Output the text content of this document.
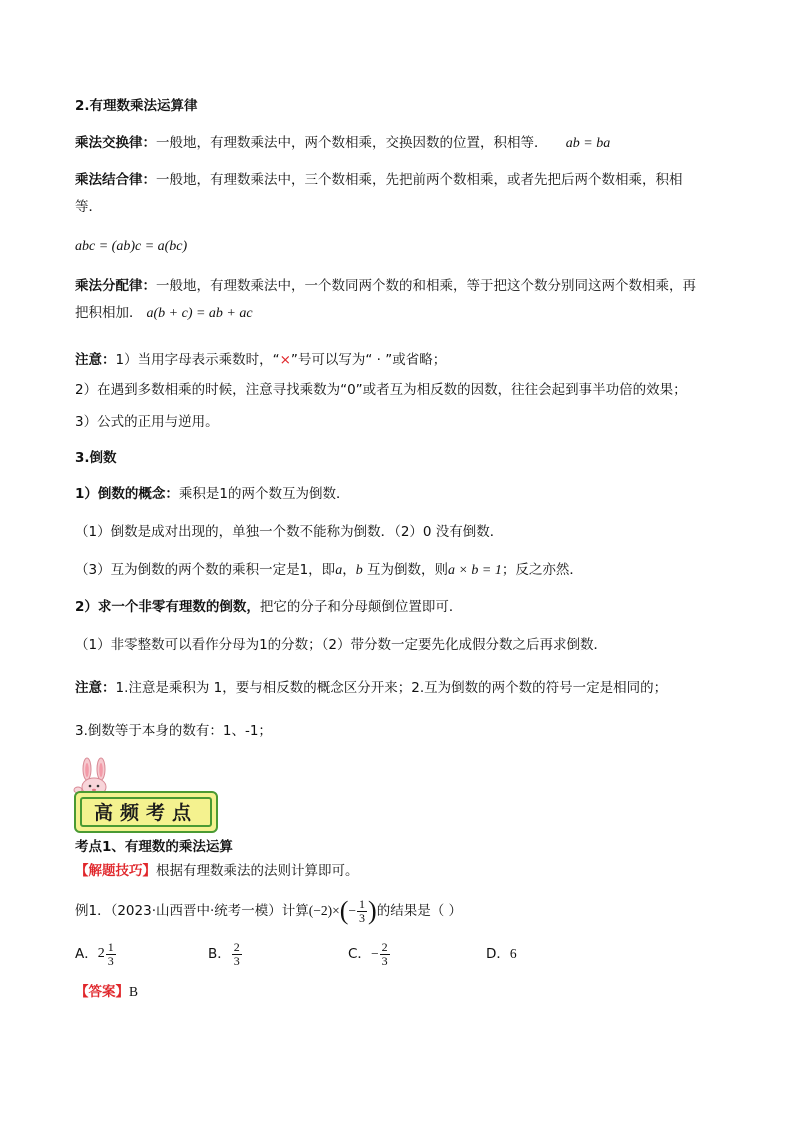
2.有理数乘法运算律
乘法交换律：一般地，有理数乘法中，两个数相乘，交换因数的位置，积相等． ab = ba
乘法结合律：一般地，有理数乘法中，三个数相乘，先把前两个数相乘，或者先把后两个数相乘，积相
等．
abc = (ab)c = a(bc)
乘法分配律：一般地，有理数乘法中，一个数同两个数的和相乘，等于把这个数分别同这两个数相乘，再
把积相加． a(b + c) = ab + ac
注意：1）当用字母表示乘数时，“×”号可以写为“ · ”或省略；
2）在遇到多数相乘的时候，注意寻找乘数为“0”或者互为相反数的因数，往往会起到事半功倍的效果；
3）公式的正用与逆用。
3.倒数
1）倒数的概念：乘积是1的两个数互为倒数．
（1）倒数是成对出现的，单独一个数不能称为倒数．（2）0 没有倒数．
（3）互为倒数的两个数的乘积一定是1，即a，b 互为倒数，则a × b = 1；反之亦然．
2）求一个非零有理数的倒数，把它的分子和分母颠倒位置即可．
（1）非零整数可以看作分母为1的分数；（2）带分数一定要先化成假分数之后再求倒数．
注意：1.注意是乘积为 1，要与相反数的概念区分开来；2.互为倒数的两个数的符号一定是相同的；
3.倒数等于本身的数有：1、-1；
高频考点
考点1、有理数的乘法运算
【解题技巧】根据有理数乘法的法则计算即可。
例1．（2023·山西晋中·统考一模）计算 (−2)× ( − $\frac{1}{3}$ ) 的结果是（ ）
A． $2 \frac{1}{3}$	B． $\frac{2}{3}$	C． − $\frac{2}{3}$	D． 6
【答案】B
